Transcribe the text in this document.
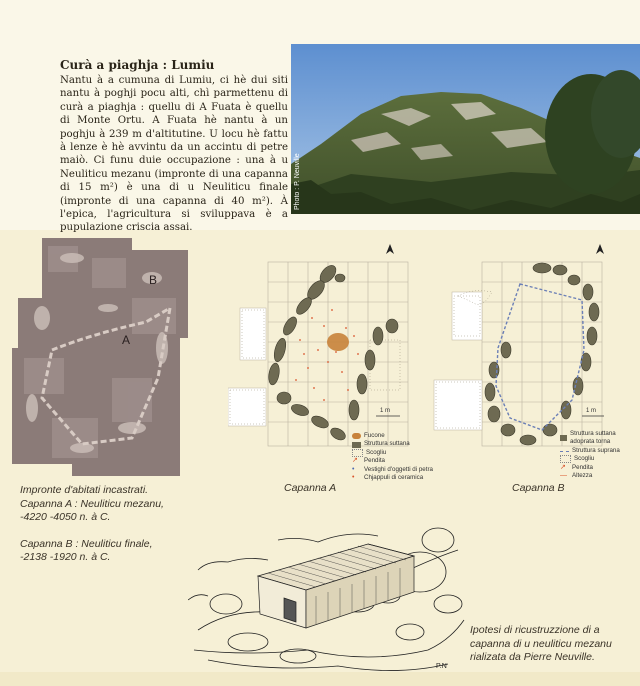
Curà a piaghja : Lumiu

Nantu à a cumuna di Lumiu, ci hè dui siti nantu à poghji pocu alti, chì parmettenu di curà a piaghja : quellu di A Fuata è quellu di Monte Ortu. A Fuata hè nantu à un poghju à 239 m d'altitutine. U locu hè fattu à lenze è hè avvintu da un accintu di petre maiò. Ci funu duie occupazione : una à u Neuliticu mezanu (impronte di una capanna di 15 m²) è una di u Neuliticu finale (impronte di una capanna di 40 m²). À l'epica, l'agricultura si sviluppava è a pupulazione criscia assai.

Photo : P. Neuville
B
A
1 m
Fucone
Struttura suttana
Scogliu
↗ Pendita
•	Vestighi d'oggetti di petra
•	Chjappuli di ceramica
Capanna A
1 m
Struttura suttana adoprata torna
Struttura suprana
Scogliu
↗ Pendita
— Altezza
Capanna B
Impronte d'abitati incastrati.
Capanna A : Neuliticu mezanu,
-4220 -4050 n. à C.
Capanna B : Neuliticu finale,
-2138 -1920 n. à C.
P.N
Ipotesi di ricustruzzione di a capanna di u neuliticu mezanu rializata da Pierre Neuville.
